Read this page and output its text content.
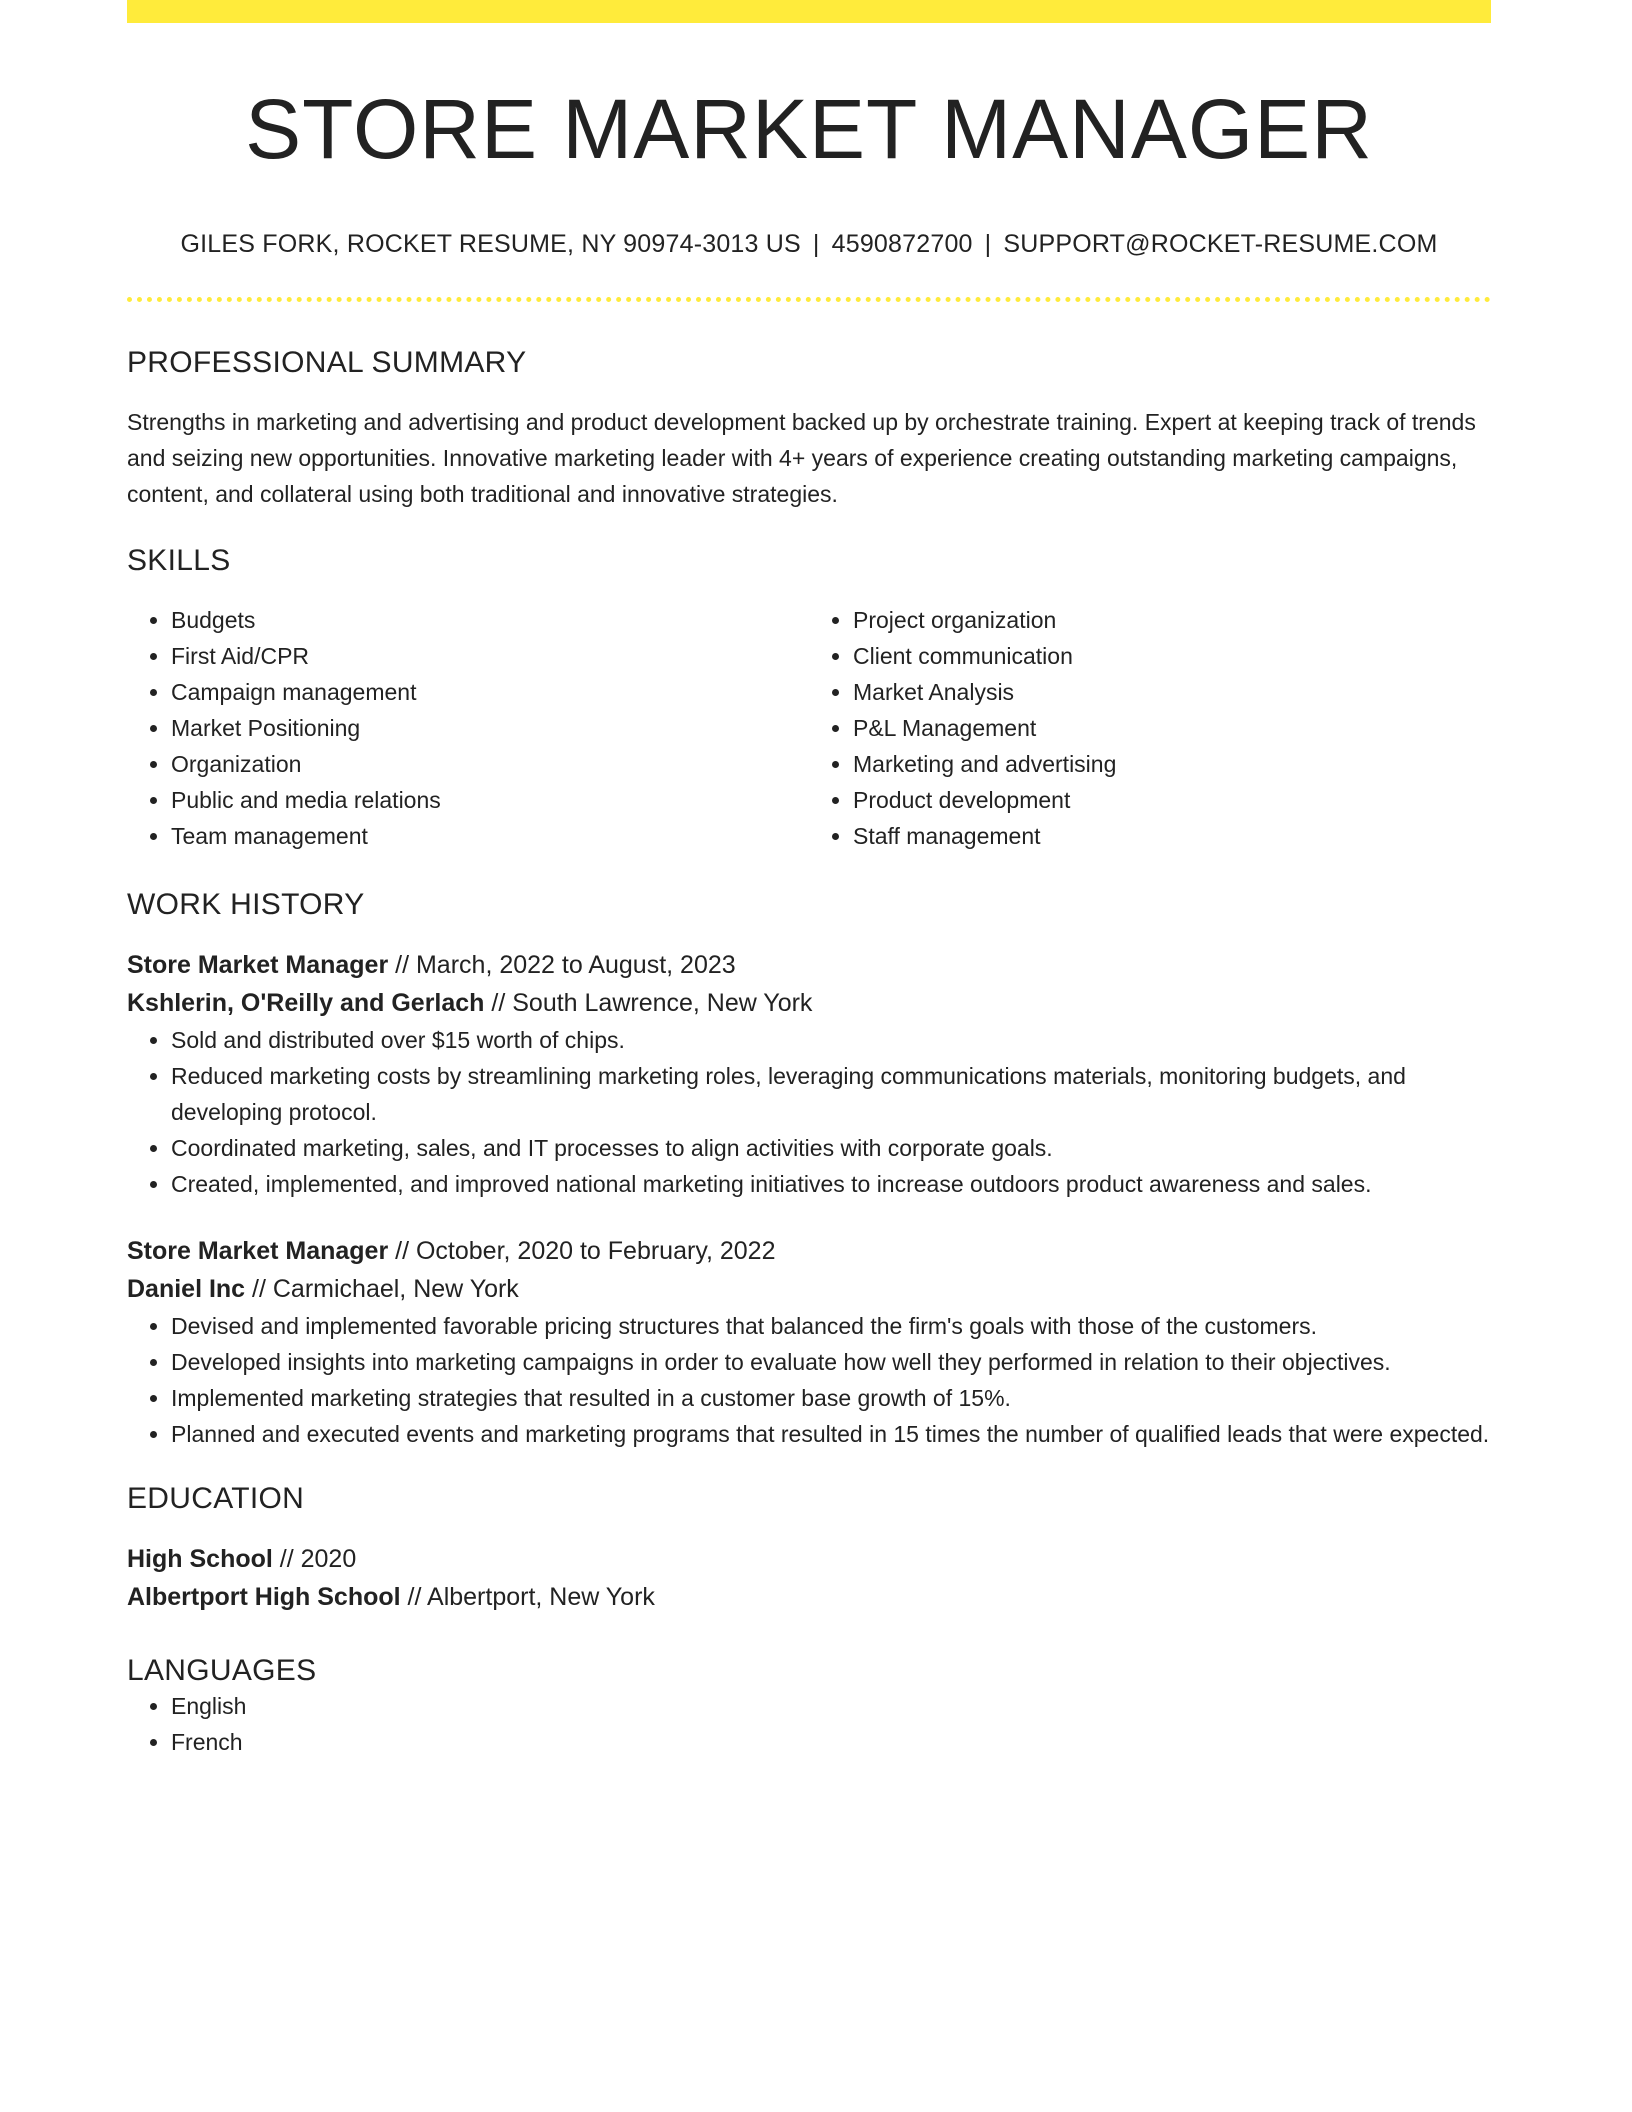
STORE MARKET MANAGER
GILES FORK, ROCKET RESUME, NY 90974-3013 US | 4590872700 | SUPPORT@ROCKET-RESUME.COM
PROFESSIONAL SUMMARY
Strengths in marketing and advertising and product development backed up by orchestrate training. Expert at keeping track of trends and seizing new opportunities. Innovative marketing leader with 4+ years of experience creating outstanding marketing campaigns, content, and collateral using both traditional and innovative strategies.
SKILLS
• Budgets
• First Aid/CPR
• Campaign management
• Market Positioning
• Organization
• Public and media relations
• Team management
• Project organization
• Client communication
• Market Analysis
• P&L Management
• Marketing and advertising
• Product development
• Staff management
WORK HISTORY
Store Market Manager // March, 2022 to August, 2023
Kshlerin, O'Reilly and Gerlach // South Lawrence, New York
• Sold and distributed over $15 worth of chips.
• Reduced marketing costs by streamlining marketing roles, leveraging communications materials, monitoring budgets, and developing protocol.
• Coordinated marketing, sales, and IT processes to align activities with corporate goals.
• Created, implemented, and improved national marketing initiatives to increase outdoors product awareness and sales.
Store Market Manager // October, 2020 to February, 2022
Daniel Inc // Carmichael, New York
• Devised and implemented favorable pricing structures that balanced the firm's goals with those of the customers.
• Developed insights into marketing campaigns in order to evaluate how well they performed in relation to their objectives.
• Implemented marketing strategies that resulted in a customer base growth of 15%.
• Planned and executed events and marketing programs that resulted in 15 times the number of qualified leads that were expected.
EDUCATION
High School // 2020
Albertport High School // Albertport, New York
LANGUAGES
• English
• French
